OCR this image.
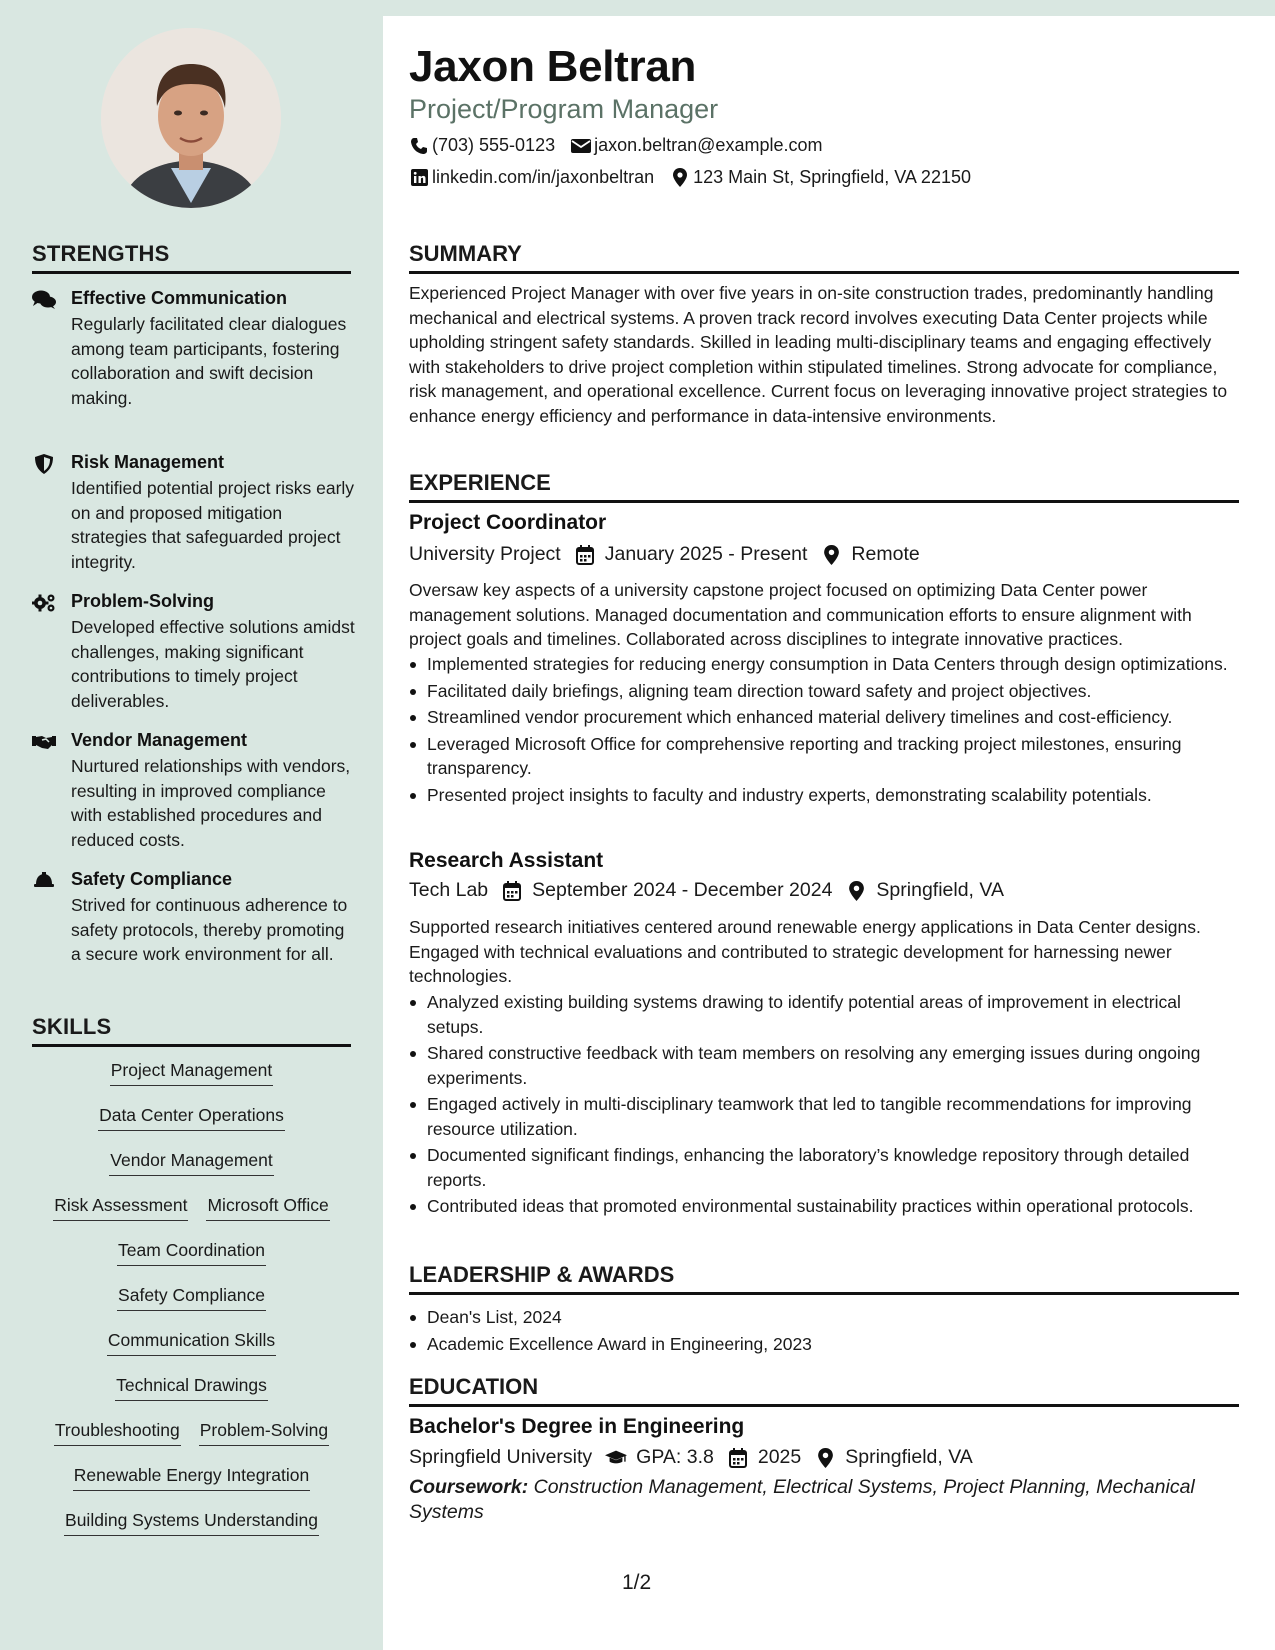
STRENGTHS
Effective Communication
Regularly facilitated clear dialogues among team participants, fostering collaboration and swift decision making.
Risk Management
Identified potential project risks early on and proposed mitigation strategies that safeguarded project integrity.
Problem-Solving
Developed effective solutions amidst challenges, making significant contributions to timely project deliverables.
Vendor Management
Nurtured relationships with vendors, resulting in improved compliance with established procedures and reduced costs.
Safety Compliance
Strived for continuous adherence to safety protocols, thereby promoting a secure work environment for all.
SKILLS
Project Management
Data Center Operations
Vendor Management
Risk Assessment Microsoft Office
Team Coordination
Safety Compliance
Communication Skills
Technical Drawings
Troubleshooting Problem-Solving
Renewable Energy Integration
Building Systems Understanding
Jaxon Beltran
Project/Program Manager
(703) 555-0123 jaxon.beltran@example.com
linkedin.com/in/jaxonbeltran 123 Main St, Springfield, VA 22150
SUMMARY
Experienced Project Manager with over five years in on-site construction trades, predominantly handling mechanical and electrical systems. A proven track record involves executing Data Center projects while upholding stringent safety standards. Skilled in leading multi-disciplinary teams and engaging effectively with stakeholders to drive project completion within stipulated timelines. Strong advocate for compliance, risk management, and operational excellence. Current focus on leveraging innovative project strategies to enhance energy efficiency and performance in data-intensive environments.
EXPERIENCE
Project Coordinator
University Project January 2025 - Present Remote
Oversaw key aspects of a university capstone project focused on optimizing Data Center power management solutions. Managed documentation and communication efforts to ensure alignment with project goals and timelines. Collaborated across disciplines to integrate innovative practices.
Implemented strategies for reducing energy consumption in Data Centers through design optimizations.
Facilitated daily briefings, aligning team direction toward safety and project objectives.
Streamlined vendor procurement which enhanced material delivery timelines and cost-efficiency.
Leveraged Microsoft Office for comprehensive reporting and tracking project milestones, ensuring transparency.
Presented project insights to faculty and industry experts, demonstrating scalability potentials.
Research Assistant
Tech Lab September 2024 - December 2024 Springfield, VA
Supported research initiatives centered around renewable energy applications in Data Center designs. Engaged with technical evaluations and contributed to strategic development for harnessing newer technologies.
Analyzed existing building systems drawing to identify potential areas of improvement in electrical setups.
Shared constructive feedback with team members on resolving any emerging issues during ongoing experiments.
Engaged actively in multi-disciplinary teamwork that led to tangible recommendations for improving resource utilization.
Documented significant findings, enhancing the laboratory’s knowledge repository through detailed reports.
Contributed ideas that promoted environmental sustainability practices within operational protocols.
LEADERSHIP & AWARDS
Dean's List, 2024
Academic Excellence Award in Engineering, 2023
EDUCATION
Bachelor's Degree in Engineering
Springfield University GPA: 3.8 2025 Springfield, VA
Coursework: Construction Management, Electrical Systems, Project Planning, Mechanical Systems
1/2
